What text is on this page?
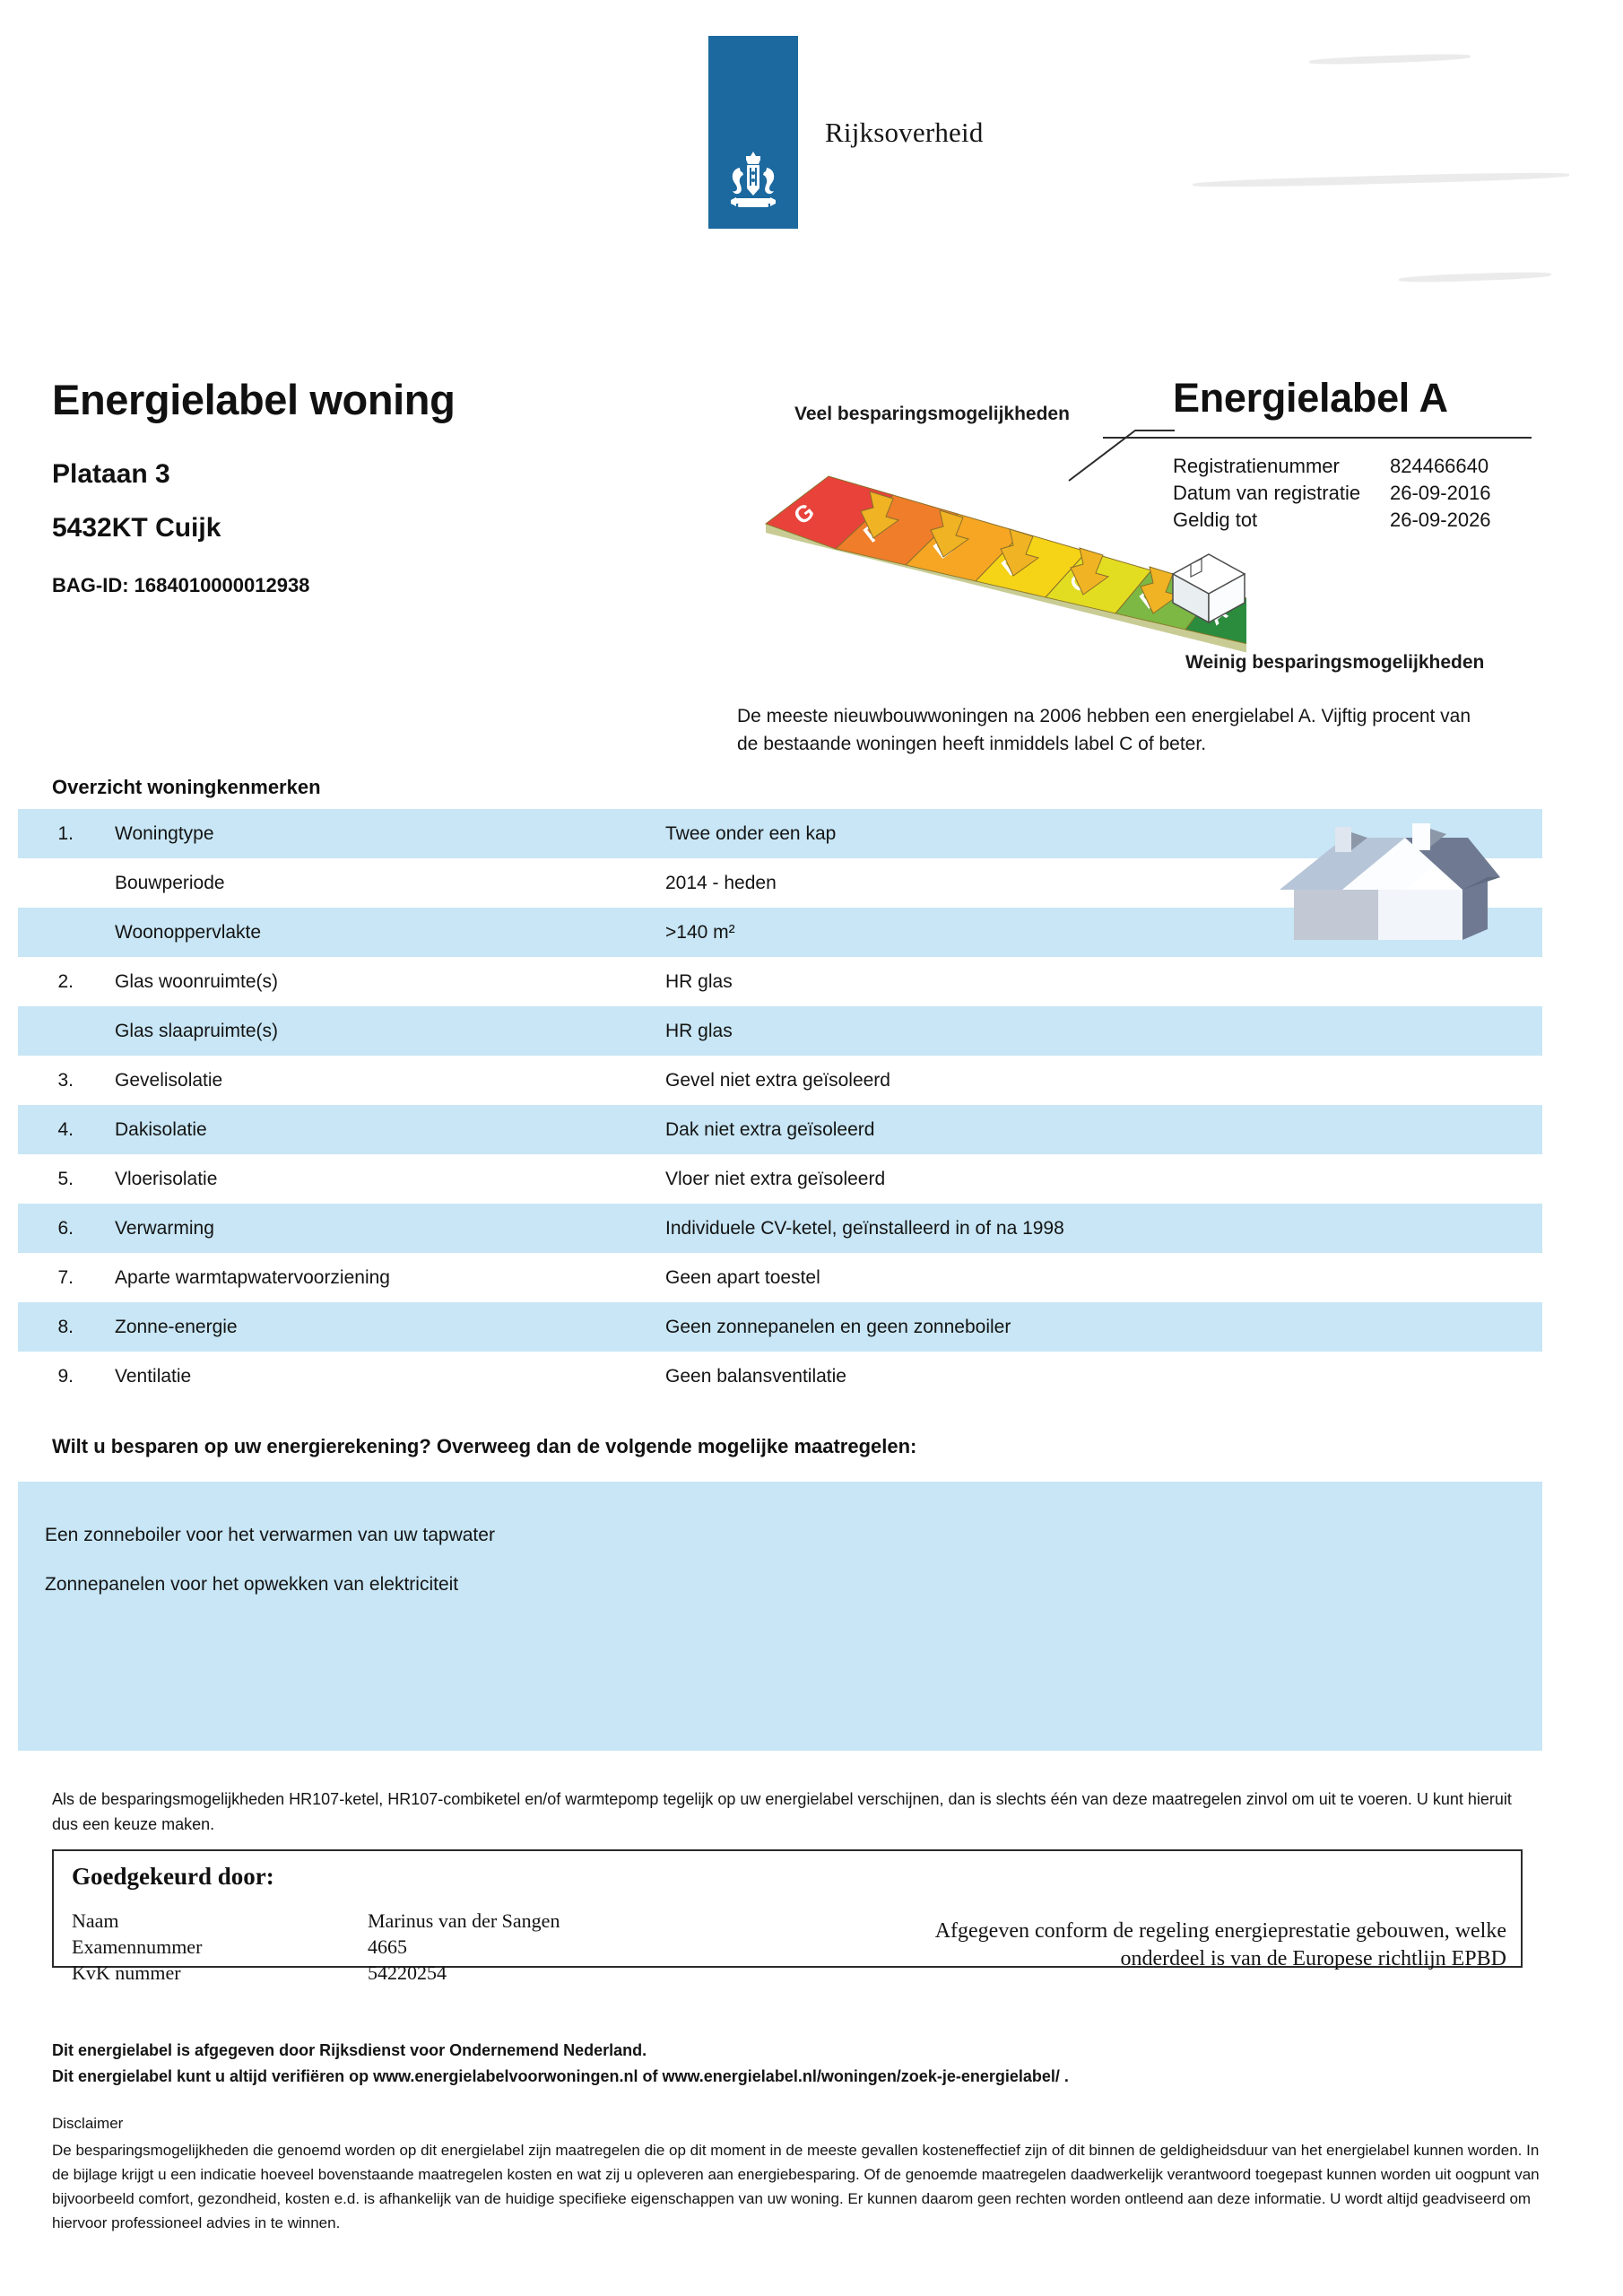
Rijksoverheid
Energielabel woning
Plataan 3
5432KT Cuijk
BAG-ID: 1684010000012938
Veel besparingsmogelijkheden
G
Weinig besparingsmogelijkheden
Energielabel A
Registratienummer	824466640
Datum van registratie	26-09-2016
Geldig tot	26-09-2026
De meeste nieuwbouwwoningen na 2006 hebben een energielabel A. Vijftig procent van de bestaande woningen heeft inmiddels label C of beter.
Overzicht woningkenmerken
1.	Woningtype	Twee onder een kap
Bouwperiode	2014 - heden
Woonoppervlakte	>140 m²
2.	Glas woonruimte(s)	HR glas
Glas slaapruimte(s)	HR glas
3.	Gevelisolatie	Gevel niet extra geïsoleerd
4.	Dakisolatie	Dak niet extra geïsoleerd
5.	Vloerisolatie	Vloer niet extra geïsoleerd
6.	Verwarming	Individuele CV-ketel, geïnstalleerd in of na 1998
7.	Aparte warmtapwatervoorziening	Geen apart toestel
8.	Zonne-energie	Geen zonnepanelen en geen zonneboiler
9.	Ventilatie	Geen balansventilatie
Wilt u besparen op uw energierekening? Overweeg dan de volgende mogelijke maatregelen:
Een zonneboiler voor het verwarmen van uw tapwater
Zonnepanelen voor het opwekken van elektriciteit
Als de besparingsmogelijkheden HR107-ketel, HR107-combiketel en/of warmtepomp tegelijk op uw energielabel verschijnen, dan is slechts één van deze maatregelen zinvol om uit te voeren. U kunt hieruit dus een keuze maken.
Goedgekeurd door:
Naam	Marinus van der Sangen
Examennummer	4665
KvK nummer	54220254
Afgegeven conform de regeling energieprestatie gebouwen, welke onderdeel is van de Europese richtlijn EPBD
Dit energielabel is afgegeven door Rijksdienst voor Ondernemend Nederland.
Dit energielabel kunt u altijd verifiëren op www.energielabelvoorwoningen.nl of www.energielabel.nl/woningen/zoek-je-energielabel/ .
Disclaimer
De besparingsmogelijkheden die genoemd worden op dit energielabel zijn maatregelen die op dit moment in de meeste gevallen kosteneffectief zijn of dit binnen de geldigheidsduur van het energielabel kunnen worden. In de bijlage krijgt u een indicatie hoeveel bovenstaande maatregelen kosten en wat zij u opleveren aan energiebesparing. Of de genoemde maatregelen daadwerkelijk verantwoord toegepast kunnen worden uit oogpunt van bijvoorbeeld comfort, gezondheid, kosten e.d. is afhankelijk van de huidige specifieke eigenschappen van uw woning. Er kunnen daarom geen rechten worden ontleend aan deze informatie. U wordt altijd geadviseerd om hiervoor professioneel advies in te winnen.
